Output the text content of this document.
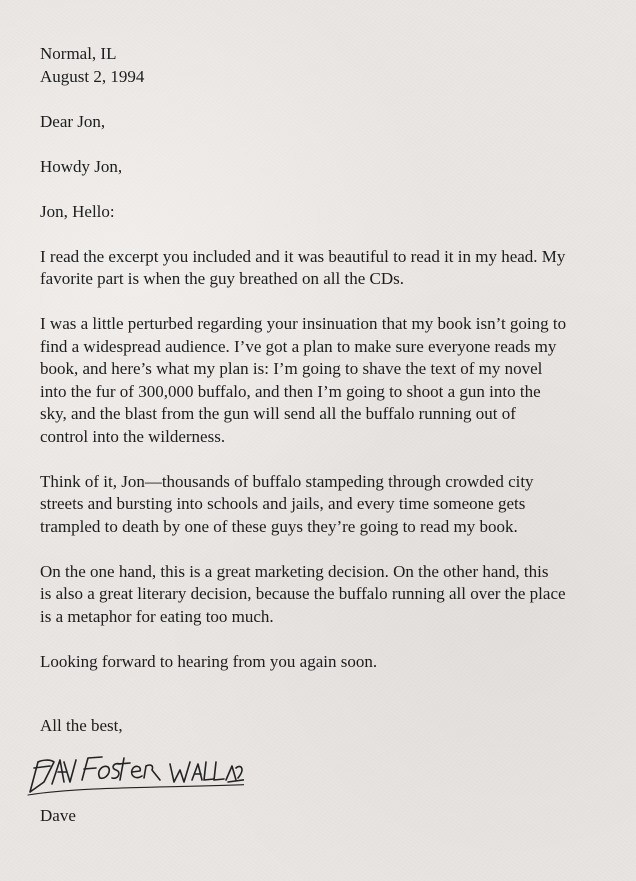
Normal, IL
August 2, 1994

Dear Jon,

Howdy Jon,

Jon, Hello:

I read the excerpt you included and it was beautiful to read it in my head. My
favorite part is when the guy breathed on all the CDs.

I was a little perturbed regarding your insinuation that my book isn’t going to
find a widespread audience. I’ve got a plan to make sure everyone reads my
book, and here’s what my plan is: I’m going to shave the text of my novel
into the fur of 300,000 buffalo, and then I’m going to shoot a gun into the
sky, and the blast from the gun will send all the buffalo running out of
control into the wilderness.

Think of it, Jon—thousands of buffalo stampeding through crowded city
streets and bursting into schools and jails, and every time someone gets
trampled to death by one of these guys they’re going to read my book.

On the one hand, this is a great marketing decision. On the other hand, this
is also a great literary decision, because the buffalo running all over the place
is a metaphor for eating too much.

Looking forward to hearing from you again soon.

All the best,
Dave
